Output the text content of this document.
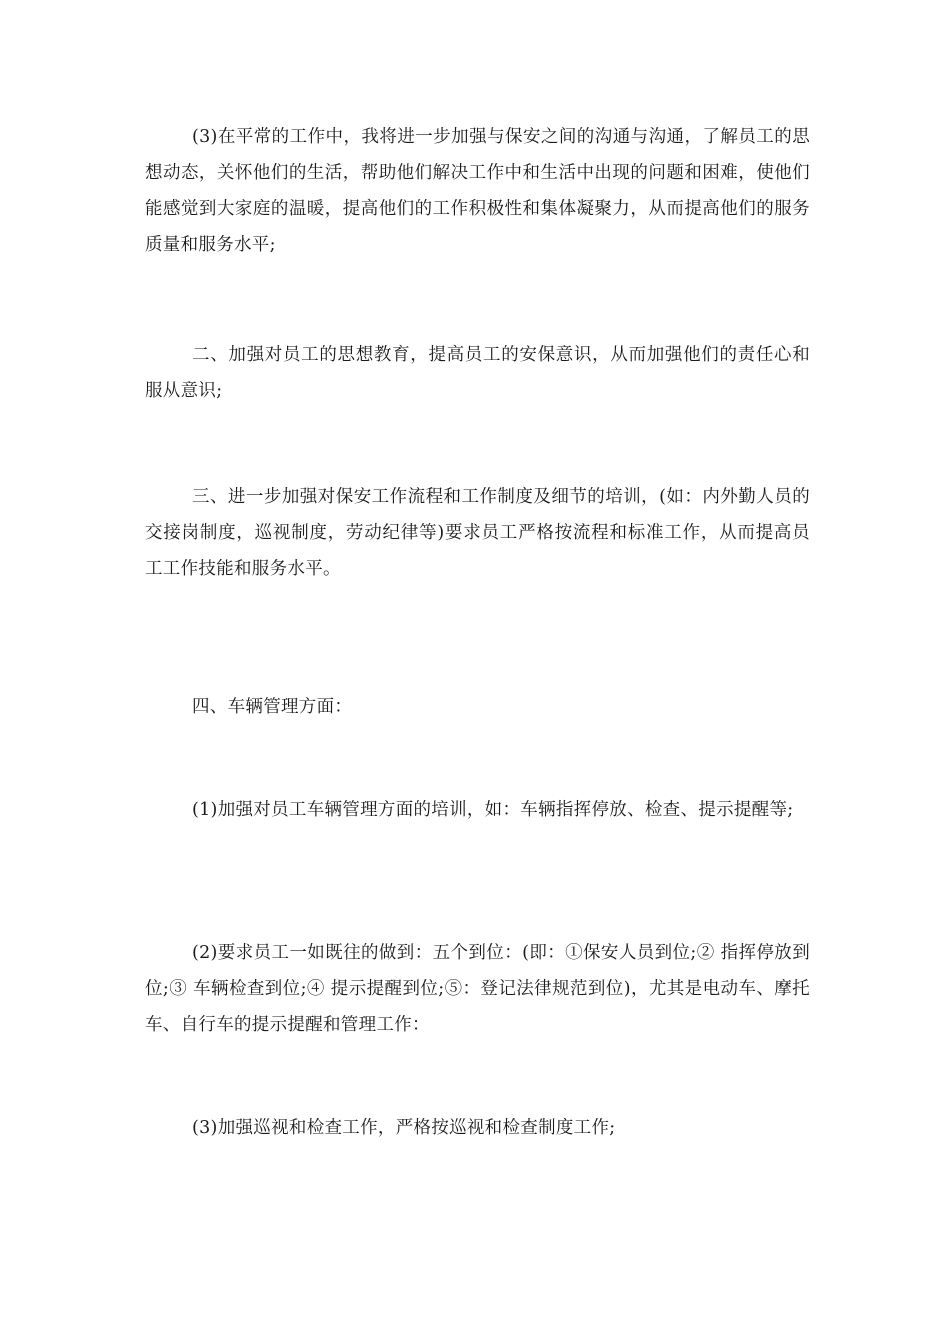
(3)在平常的工作中，我将进一步加强与保安之间的沟通与沟通，了解员工的思想动态，关怀他们的生活，帮助他们解决工作中和生活中出现的问题和困难，使他们能感觉到大家庭的温暖，提高他们的工作积极性和集体凝聚力，从而提高他们的服务质量和服务水平;

二、加强对员工的思想教育，提高员工的安保意识，从而加强他们的责任心和服从意识;

三、进一步加强对保安工作流程和工作制度及细节的培训，(如：内外勤人员的交接岗制度，巡视制度，劳动纪律等)要求员工严格按流程和标准工作，从而提高员工工作技能和服务水平。

四、车辆管理方面：

(1)加强对员工车辆管理方面的培训，如：车辆指挥停放、检查、提示提醒等;

(2)要求员工一如既往的做到：五个到位：(即：①保安人员到位;② 指挥停放到位;③ 车辆检查到位;④ 提示提醒到位;⑤：登记法律规范到位)，尤其是电动车、摩托车、自行车的提示提醒和管理工作：

(3)加强巡视和检查工作，严格按巡视和检查制度工作;
